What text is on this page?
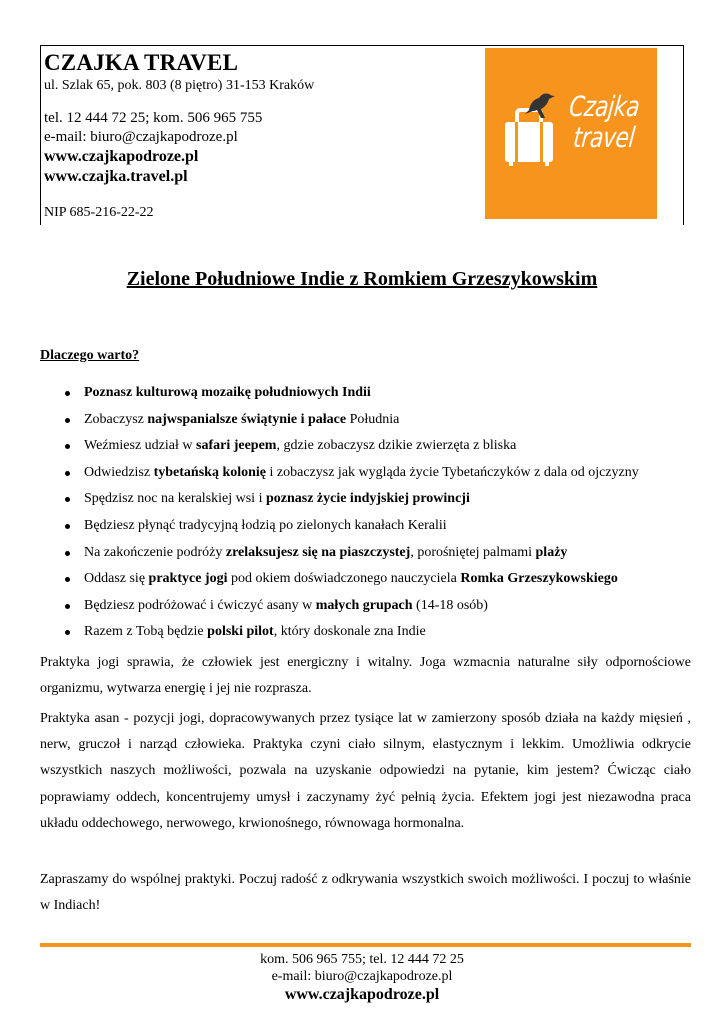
CZAJKA TRAVEL
ul. Szlak 65, pok. 803 (8 piętro) 31-153 Kraków
tel. 12 444 72 25; kom. 506 965 755
e-mail: biuro@czajkapodroze.pl
www.czajkapodroze.pl
www.czajka.travel.pl
NIP 685-216-22-22
Czajka
travel
Zielone Południowe Indie z Romkiem Grzeszykowskim
Dlaczego warto?
Poznasz kulturową mozaikę południowych Indii
Zobaczysz najwspanialsze świątynie i pałace Południa
Weźmiesz udział w safari jeepem, gdzie zobaczysz dzikie zwierzęta z bliska
Odwiedzisz tybetańską kolonię i zobaczysz jak wygląda życie Tybetańczyków z dala od ojczyzny
Spędzisz noc na keralskiej wsi i poznasz życie indyjskiej prowincji
Będziesz płynąć tradycyjną łodzią po zielonych kanałach Keralii
Na zakończenie podróży zrelaksujesz się na piaszczystej, porośniętej palmami plaży
Oddasz się praktyce jogi pod okiem doświadczonego nauczyciela Romka Grzeszykowskiego
Będziesz podróżować i ćwiczyć asany w małych grupach (14-18 osób)
Razem z Tobą będzie polski pilot, który doskonale zna Indie

Praktyka jogi sprawia, że człowiek jest energiczny i witalny. Joga wzmacnia naturalne siły odpornościowe organizmu, wytwarza energię i jej nie rozprasza.

Praktyka asan - pozycji jogi, dopracowywanych przez tysiące lat w zamierzony sposób działa na każdy mięsień , nerw, gruczoł i narząd człowieka. Praktyka czyni ciało silnym, elastycznym i lekkim. Umożliwia odkrycie wszystkich naszych możliwości, pozwala na uzyskanie odpowiedzi na pytanie, kim jestem? Ćwicząc ciało poprawiamy oddech, koncentrujemy umysł i zaczynamy żyć pełnią życia. Efektem jogi jest niezawodna praca układu oddechowego, nerwowego, krwionośnego, równowaga hormonalna.

Zapraszamy do wspólnej praktyki. Poczuj radość z odkrywania wszystkich swoich możliwości. I poczuj to właśnie w Indiach!

kom. 506 965 755; tel. 12 444 72 25
e-mail: biuro@czajkapodroze.pl
www.czajkapodroze.pl
